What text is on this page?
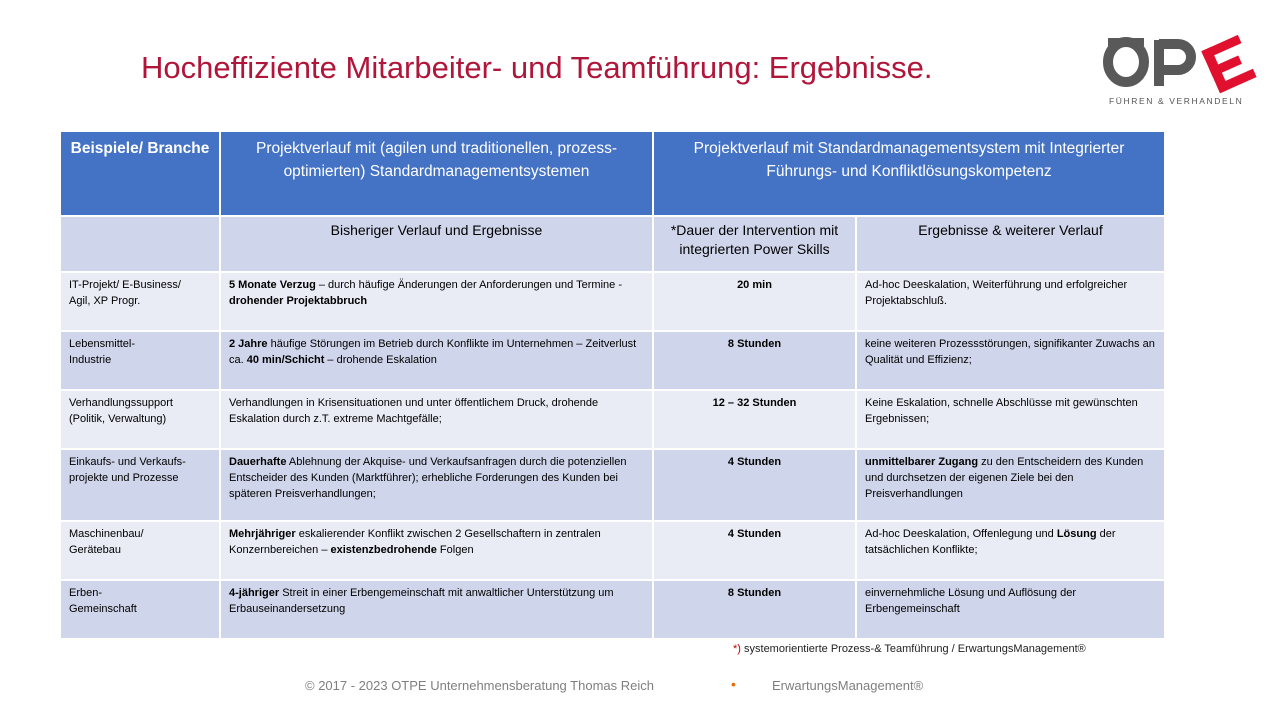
Hocheffiziente Mitarbeiter- und Teamführung: Ergebnisse.
FÜHREN & VERHANDELN
Beispiele/ Branche	Projektverlauf mit (agilen und traditionellen, prozess-optimierten) Standardmanagementsystemen	Projektverlauf mit Standardmanagementsystem mit Integrierter Führungs- und Konfliktlösungskompetenz	
	Bisheriger Verlauf und Ergebnisse	*Dauer der Intervention mit integrierten Power Skills	Ergebnisse & weiterer Verlauf
IT-Projekt/ E-Business/
Agil, XP Progr.	5 Monate Verzug – durch häufige Änderungen der Anforderungen und Termine - drohender Projektabbruch	20 min	Ad-hoc Deeskalation, Weiterführung und erfolgreicher Projektabschluß.
Lebensmittel-
Industrie	2 Jahre häufige Störungen im Betrieb durch Konflikte im Unternehmen – Zeitverlust ca. 40 min/Schicht – drohende Eskalation	8 Stunden	keine weiteren Prozessstörungen, signifikanter Zuwachs an Qualität und Effizienz;
Verhandlungssupport
(Politik, Verwaltung)	Verhandlungen in Krisensituationen und unter öffentlichem Druck, drohende Eskalation durch z.T. extreme Machtgefälle;	12 – 32 Stunden	Keine Eskalation, schnelle Abschlüsse mit gewünschten Ergebnissen;
Einkaufs- und Verkaufs-
projekte und Prozesse	Dauerhafte Ablehnung der Akquise- und Verkaufsanfragen durch die potenziellen Entscheider des Kunden (Marktführer); erhebliche Forderungen des Kunden bei späteren Preisverhandlungen;	4 Stunden	unmittelbarer Zugang zu den Entscheidern des Kunden und durchsetzen der eigenen Ziele bei den Preisverhandlungen
Maschinenbau/
Gerätebau	Mehrjähriger eskalierender Konflikt zwischen 2 Gesellschaftern in zentralen Konzernbereichen – existenzbedrohende Folgen	4 Stunden	Ad-hoc Deeskalation, Offenlegung und Lösung der tatsächlichen Konflikte;
Erben-
Gemeinschaft	4-jähriger Streit in einer Erbengemeinschaft mit anwaltlicher Unterstützung um Erbauseinandersetzung	8 Stunden	einvernehmliche Lösung und Auflösung der Erbengemeinschaft
*) systemorientierte Prozess-& Teamführung / ErwartungsManagement®
© 2017 - 2023 OTPE Unternehmensberatung Thomas Reich	•	ErwartungsManagement®
